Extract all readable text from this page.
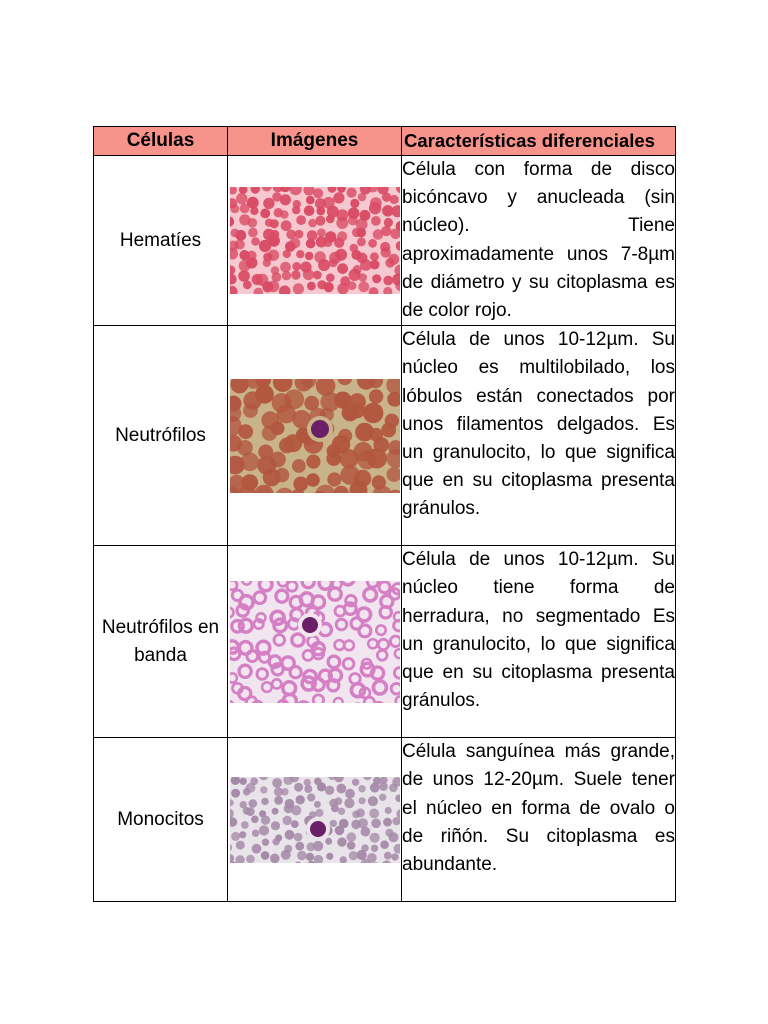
Células	Imágenes	Características diferenciales
Hematíes		Célula con forma de disco bicóncavo y anucleada (sin núcleo). Tiene aproximadamente unos 7-8µm de diámetro y su citoplasma es de color rojo.
Neutrófilos		Célula de unos 10-12µm. Su núcleo es multilobilado, los lóbulos están conectados por unos filamentos delgados. Es un granulocito, lo que significa que en su citoplasma presenta gránulos.
Neutrófilos en banda		Célula de unos 10-12µm. Su núcleo tiene forma de herradura, no segmentado Es un granulocito, lo que significa que en su citoplasma presenta gránulos.
Monocitos		Célula sanguínea más grande, de unos 12-20µm. Suele tener el núcleo en forma de ovalo o de riñón. Su citoplasma es abundante.
